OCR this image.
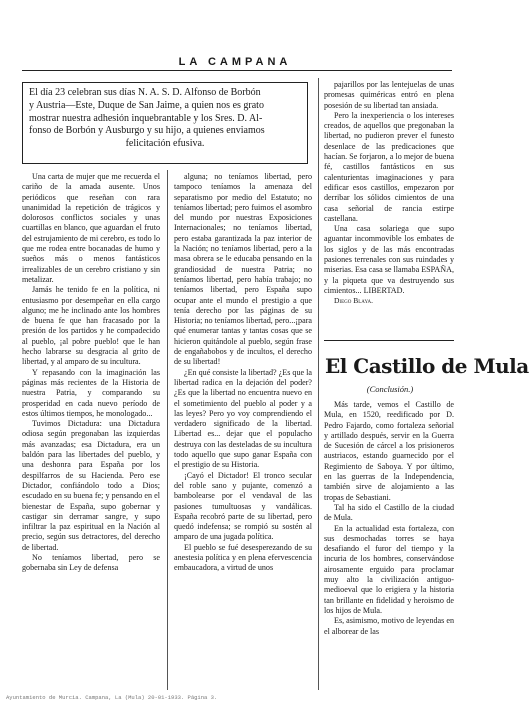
LA CAMPANA

El día 23 celebran sus días N. A. S. D. Alfonso de Borbón

y Austria—Este, Duque de San Jaime, a quien nos es grato

mostrar nuestra adhesión inquebrantable y los Sres. D. Al-

fonso de Borbón y Ausburgo y su hijo, a quienes enviamos

felicitación efusiva.

Una carta de mujer que me recuerda el cariño de la amada ausente. Unos periódicos que reseñan con rara unanimidad la repetición de trágicos y dolorosos conflictos sociales y unas cuartillas en blanco, que aguardan el fruto del estrujamiento de mi cerebro, es todo lo que me rodea entre bocanadas de humo y sueños más o menos fantásticos irrealizables de un cerebro cristiano y sin metalizar.

Jamás he tenido fe en la política, ni entusiasmo por desempeñar en ella cargo alguno; me he inclinado ante los hombres de buena fe que han fracasado por la presión de los partidos y he compadecido al pueblo, ¡al pobre pueblo! que le han hecho labrarse su desgracia al grito de libertad, y al amparo de su incultura.

Y repasando con la imaginación las páginas más recientes de la Historia de nuestra Patria, y comparando su prosperidad en cada nuevo período de estos últimos tiempos, he monologado...

Tuvimos Dictadura: una Dictadura odiosa según pregonaban las izquierdas más avanzadas; esa Dictadura, era un baldón para las libertades del pueblo, y una deshonra para España por los despilfarros de su Hacienda. Pero ese Dictador, confiándolo todo a Dios; escudado en su buena fe; y pensando en el bienestar de España, supo gobernar y castigar sin derramar sangre, y supo infiltrar la paz espiritual en la Nación al precio, según sus detractores, del derecho de libertad.

No teníamos libertad, pero se gobernaba sin Ley de defensa

alguna; no teníamos libertad, pero tampoco teníamos la amenaza del separatismo por medio del Estatuto; no teníamos libertad; pero fuimos el asombro del mundo por nuestras Exposiciones Internacionales; no teníamos libertad, pero estaba garantizada la paz interior de la Nación; no teníamos libertad, pero a la masa obrera se le educaba pensando en la grandiosidad de nuestra Patria; no teníamos libertad, pero había trabajo; no teníamos libertad, pero España supo ocupar ante el mundo el prestigio a que tenía derecho por las páginas de su Historia; no teníamos libertad, pero...¡para qué enumerar tantas y tantas cosas que se hicieron quitándole al pueblo, según frase de engañabobos y de incultos, el derecho de su libertad!

¿En qué consiste la libertad? ¿Es que la libertad radica en la dejación del poder? ¿Es que la libertad no encuentra nuevo en el sometimiento del pueblo al poder y a las leyes? Pero yo voy comprendiendo el verdadero significado de la libertad. Libertad es... dejar que el populacho destruya con las desteladas de su incultura todo aquello que supo ganar España con el prestigio de su Historia.

¡Cayó el Dictador! El tronco secular del roble sano y pujante, comenzó a bambolearse por el vendaval de las pasiones tumultuosas y vandálicas. España recobró parte de su libertad, pero quedó indefensa; se rompió su sostén al amparo de una jugada política.

El pueblo se fué desesperezando de su anestesia política y en plena efervescencia embaucadora, a virtud de unos

pajarillos por las lentejuelas de unas promesas quiméricas entró en plena posesión de su libertad tan ansiada.

Pero la inexperiencia o los intereses creados, de aquellos que pregonaban la libertad, no pudieron prever el funesto desenlace de las predicaciones que hacían. Se forjaron, a lo mejor de buena fé, castillos fantásticos en sus calenturientas imaginaciones y para edificar esos castillos, empezaron por derribar los sólidos cimientos de una casa señorial de rancia estirpe castellana.

Una casa solariega que supo aguantar incommovible los embates de los siglos y de las más encontradas pasiones terrenales con sus ruindades y miserias. Esa casa se llamaba ESPAÑA, y la piqueta que va destruyendo sus cimientos... LIBERTAD.

Diego Blaya.

El Castillo de Mula
(Conclusión.)

Más tarde, vemos el Castillo de Mula, en 1520, reedificado por D. Pedro Fajardo, como fortaleza señorial y artillado después, servir en la Guerra de Sucesión de cárcel a los prisioneros austriacos, estando guarnecido por el Regimiento de Saboya. Y por último, en las guerras de la Independencia, también sirve de alojamiento a las tropas de Sebastiani.

Tal ha sido el Castillo de la ciudad de Mula.

En la actualidad esta fortaleza, con sus desmochadas torres se haya desafiando el furor del tiempo y la incuria de los hombres, conservándose airosamente erguido para proclamar muy alto la civilización antiguo-medioeval que lo erigiera y la historia tan brillante en fidelidad y heroismo de los hijos de Mula.

Es, asimismo, motivo de leyendas en el alborear de las

Ayuntamiento de Murcia. Campana, La (Mula) 20-01-1933. Página 3.
